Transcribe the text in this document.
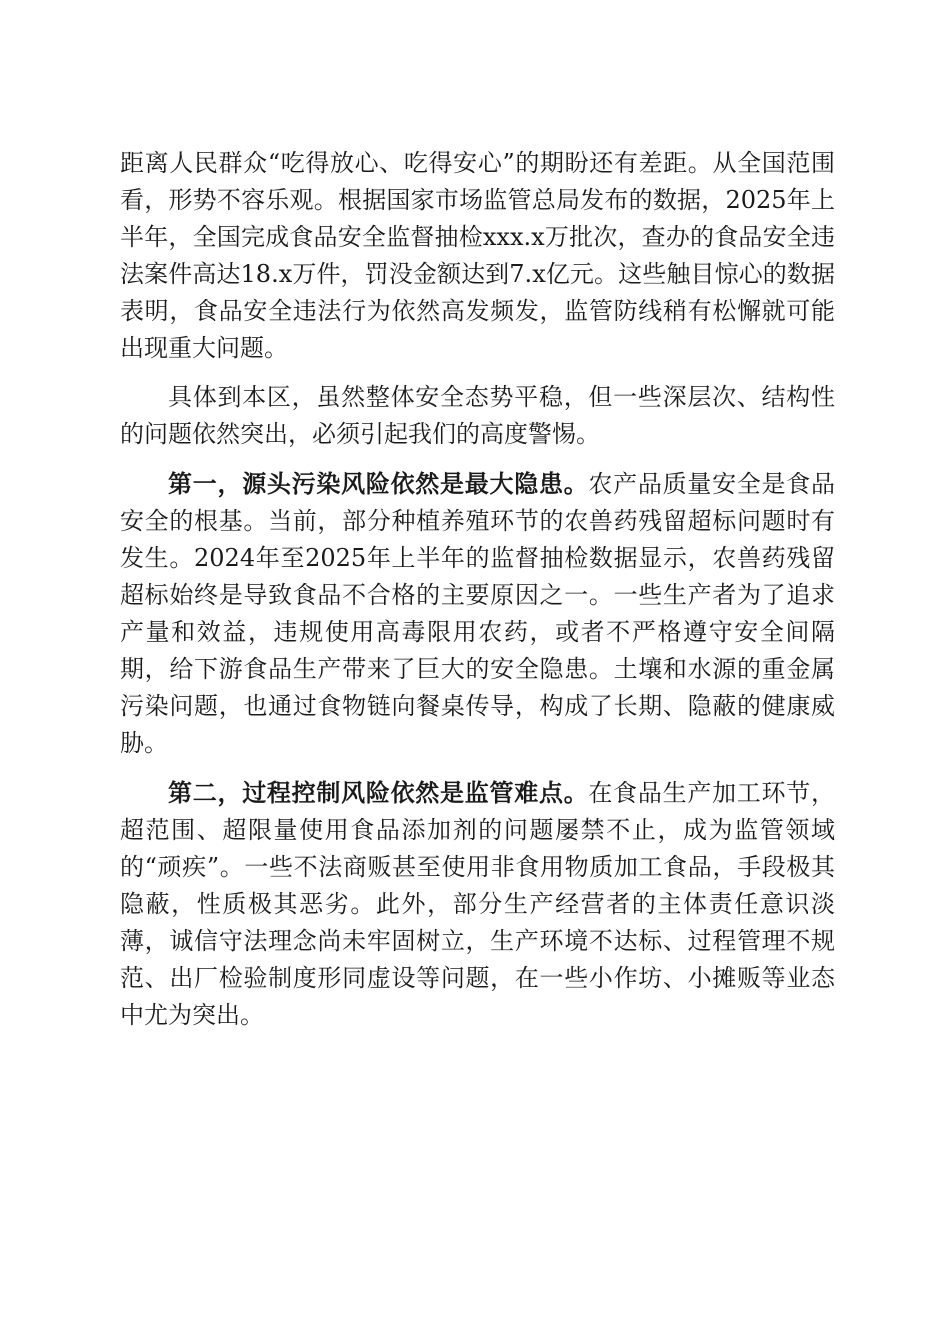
距离人民群众“吃得放心、吃得安心”的期盼还有差距。从全国范围看，形势不容乐观。根据国家市场监管总局发布的数据，2025年上半年，全国完成食品安全监督抽检xxx.x万批次，查办的食品安全违法案件高达18.x万件，罚没金额达到7.x亿元。这些触目惊心的数据表明，食品安全违法行为依然高发频发，监管防线稍有松懈就可能出现重大问题。

具体到本区，虽然整体安全态势平稳，但一些深层次、结构性的问题依然突出，必须引起我们的高度警惕。

第一，源头污染风险依然是最大隐患。农产品质量安全是食品安全的根基。当前，部分种植养殖环节的农兽药残留超标问题时有发生。2024年至2025年上半年的监督抽检数据显示，农兽药残留超标始终是导致食品不合格的主要原因之一。一些生产者为了追求产量和效益，违规使用高毒限用农药，或者不严格遵守安全间隔期，给下游食品生产带来了巨大的安全隐患。土壤和水源的重金属污染问题，也通过食物链向餐桌传导，构成了长期、隐蔽的健康威胁。

第二，过程控制风险依然是监管难点。在食品生产加工环节，超范围、超限量使用食品添加剂的问题屡禁不止，成为监管领域的“顽疾”。一些不法商贩甚至使用非食用物质加工食品，手段极其隐蔽，性质极其恶劣。此外，部分生产经营者的主体责任意识淡薄，诚信守法理念尚未牢固树立，生产环境不达标、过程管理不规范、出厂检验制度形同虚设等问题，在一些小作坊、小摊贩等业态中尤为突出。
